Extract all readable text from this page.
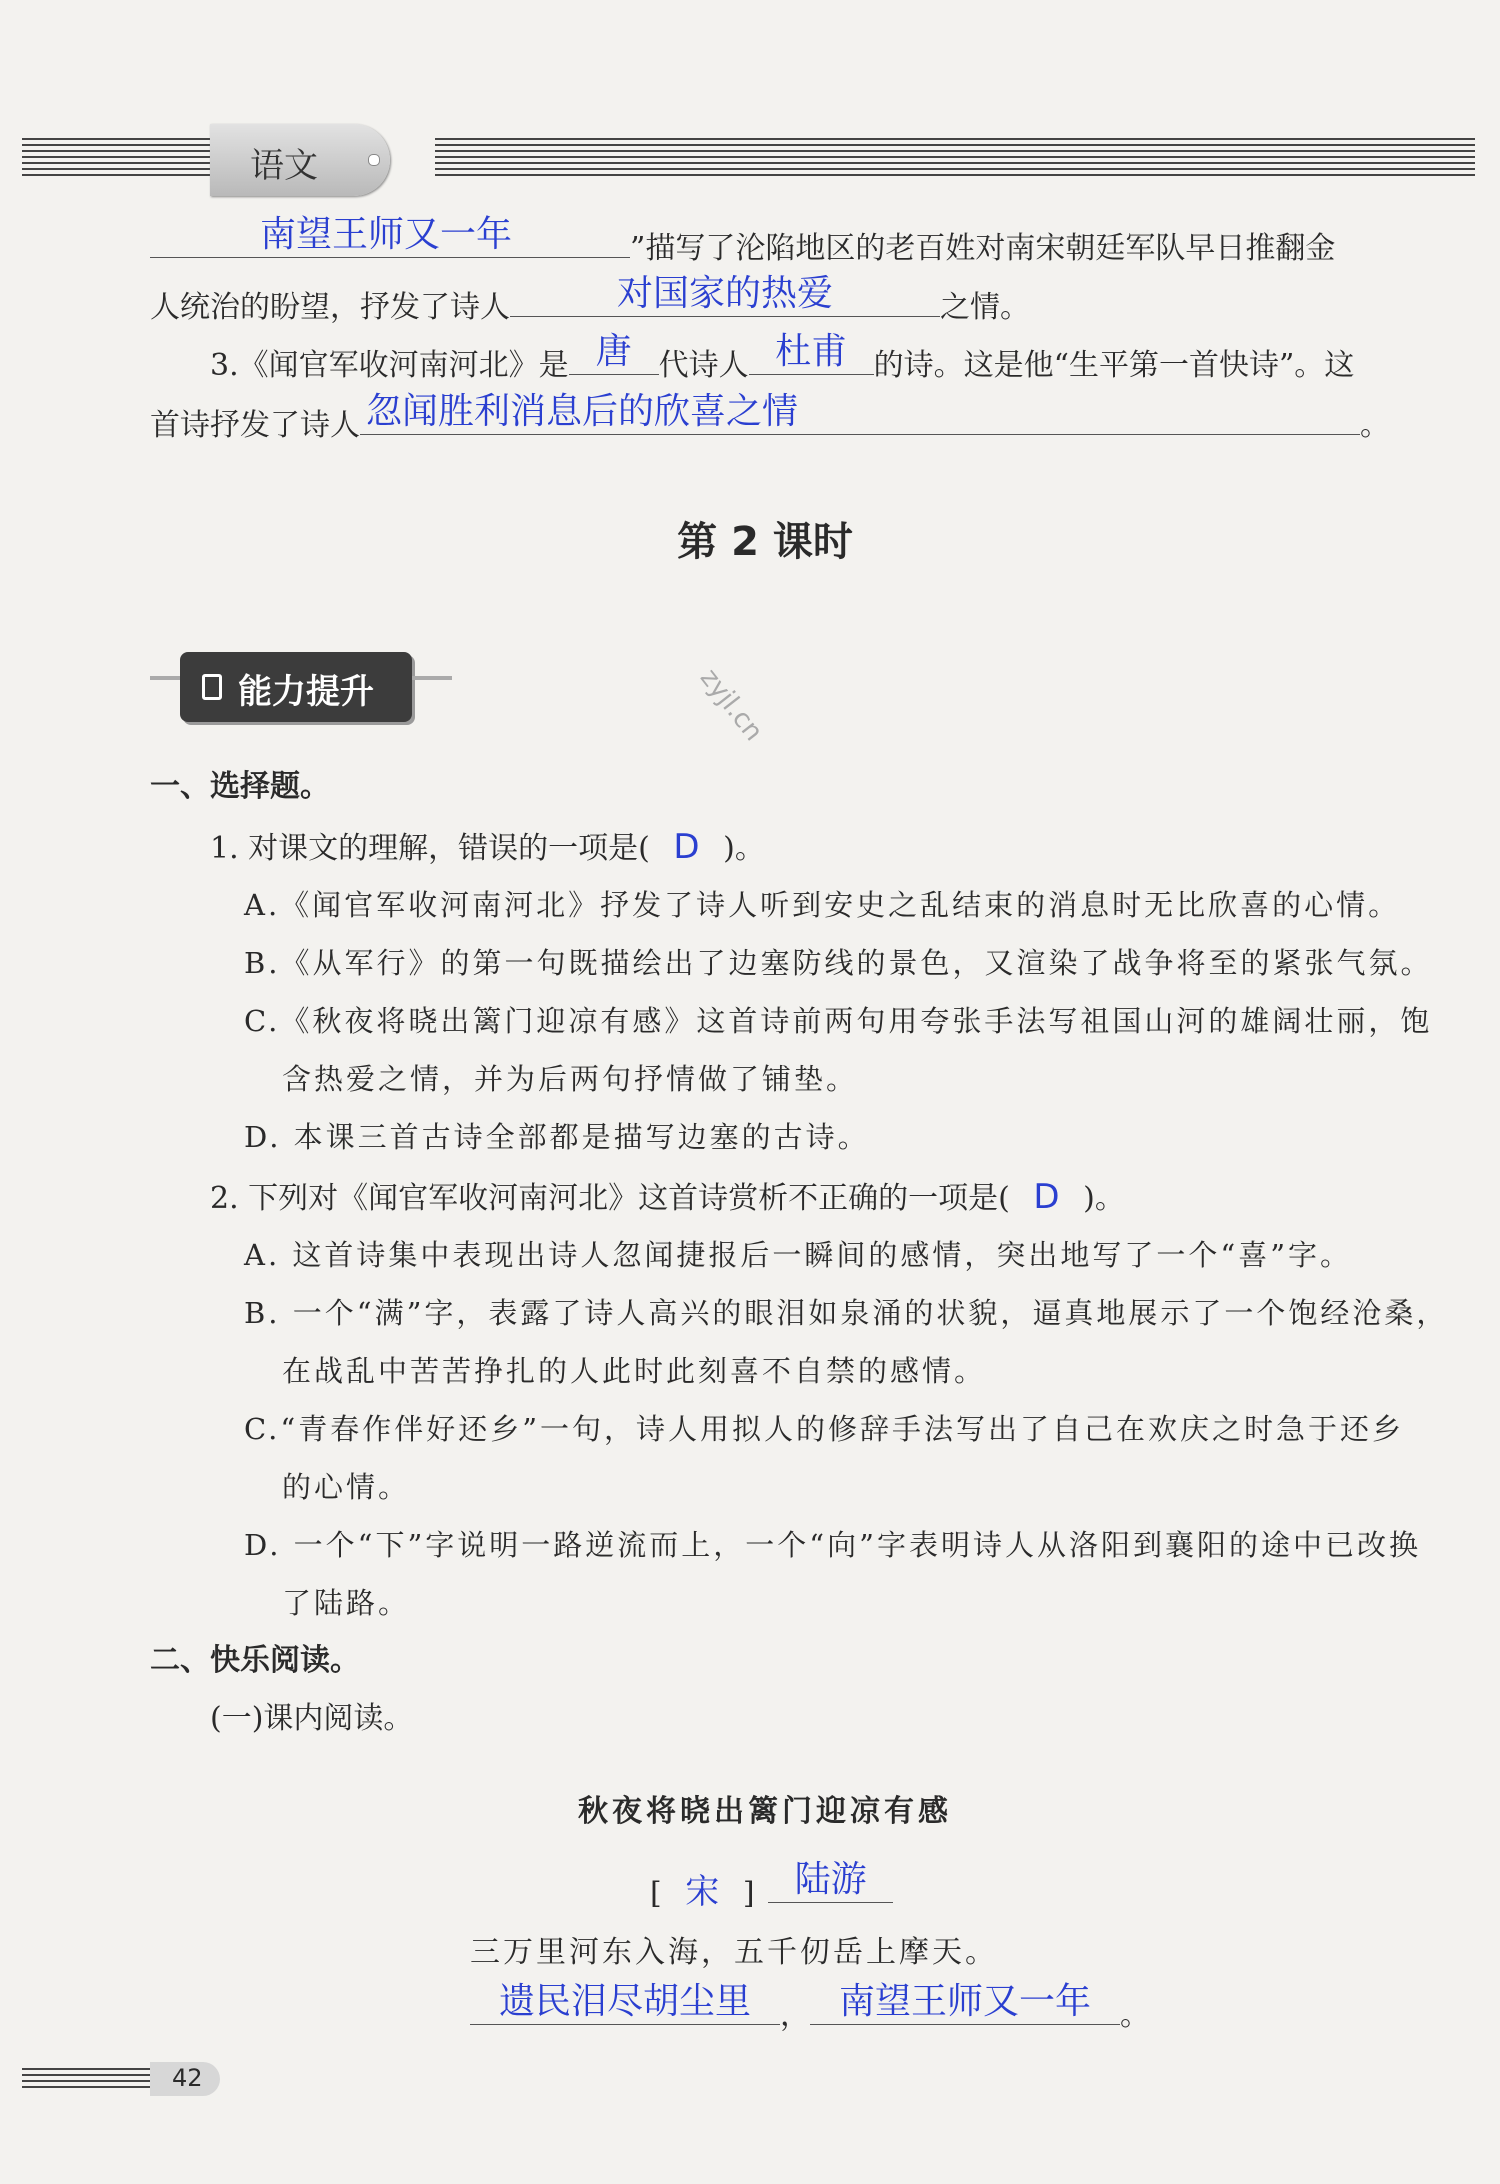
语文
南望王师又一年	”描写了沦陷地区的老百姓对南宋朝廷军队早日推翻金
人统治的盼望，抒发了诗人	对国家的热爱	之情。
3.《闻官军收河南河北》是 唐 代诗人 杜甫 的诗。这是他“生平第一首快诗”。这
首诗抒发了诗人 忽闻胜利消息后的欣喜之情	。
第 2 课时
能力提升	zyjl.cn
一、选择题。
1. 对课文的理解，错误的一项是( D )。
A.《闻官军收河南河北》抒发了诗人听到安史之乱结束的消息时无比欣喜的心情。
B.《从军行》的第一句既描绘出了边塞防线的景色，又渲染了战争将至的紧张气氛。
C.《秋夜将晓出篱门迎凉有感》这首诗前两句用夸张手法写祖国山河的雄阔壮丽，饱
含热爱之情，并为后两句抒情做了铺垫。
D. 本课三首古诗全部都是描写边塞的古诗。
2. 下列对《闻官军收河南河北》这首诗赏析不正确的一项是( D )。
A. 这首诗集中表现出诗人忽闻捷报后一瞬间的感情，突出地写了一个“喜”字。
B. 一个“满”字，表露了诗人高兴的眼泪如泉涌的状貌，逼真地展示了一个饱经沧桑，
在战乱中苦苦挣扎的人此时此刻喜不自禁的感情。
C.“青春作伴好还乡”一句，诗人用拟人的修辞手法写出了自己在欢庆之时急于还乡
的心情。
D. 一个“下”字说明一路逆流而上，一个“向”字表明诗人从洛阳到襄阳的途中已改换
了陆路。
二、快乐阅读。
(一)课内阅读。
秋夜将晓出篱门迎凉有感
[ 宋 ]	陆游
三万里河东入海，五千仞岳上摩天。
遗民泪尽胡尘里 ， 南望王师又一年 。
42
